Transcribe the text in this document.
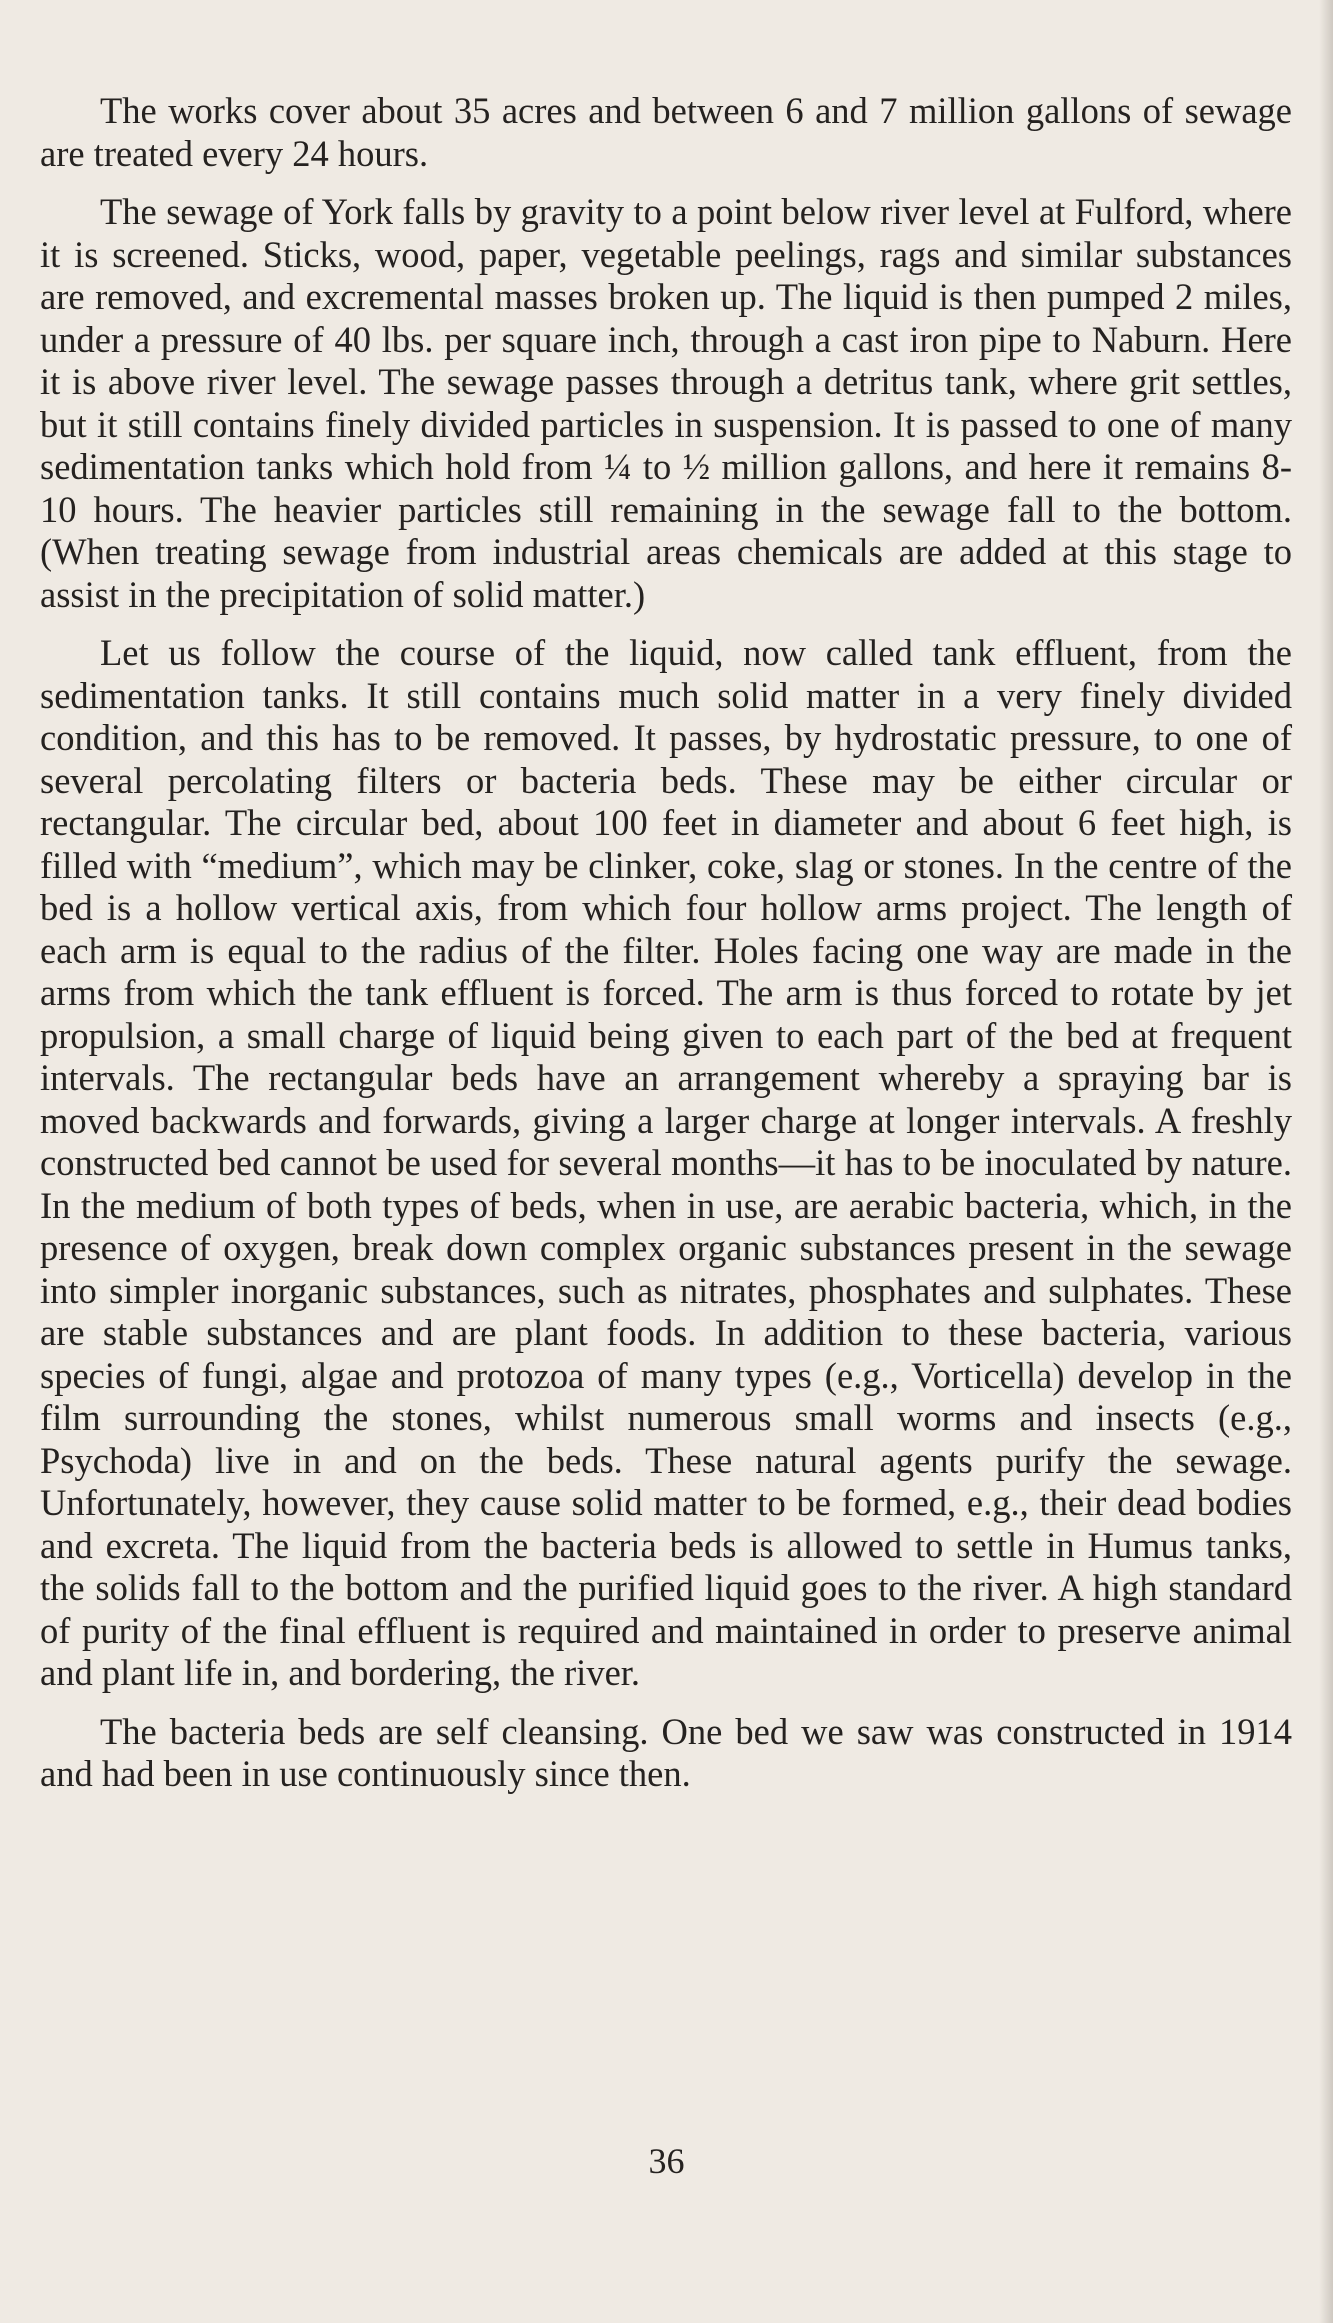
The works cover about 35 acres and between 6 and 7 million gallons of sewage are treated every 24 hours.

The sewage of York falls by gravity to a point below river level at Fulford, where it is screened. Sticks, wood, paper, vegetable peelings, rags and similar substances are removed, and excremental masses broken up. The liquid is then pumped 2 miles, under a pressure of 40 lbs. per square inch, through a cast iron pipe to Naburn. Here it is above river level. The sewage passes through a detritus tank, where grit settles, but it still contains finely divided particles in suspension. It is passed to one of many sedimentation tanks which hold from ¼ to ½ million gallons, and here it remains 8-10 hours. The heavier particles still remaining in the sewage fall to the bottom. (When treating sewage from industrial areas chemicals are added at this stage to assist in the precipitation of solid matter.)

Let us follow the course of the liquid, now called tank effluent, from the sedimentation tanks. It still contains much solid matter in a very finely divided condition, and this has to be removed. It passes, by hydrostatic pressure, to one of several percolating filters or bacteria beds. These may be either circular or rectangular. The circular bed, about 100 feet in diameter and about 6 feet high, is filled with “medium”, which may be clinker, coke, slag or stones. In the centre of the bed is a hollow vertical axis, from which four hollow arms project. The length of each arm is equal to the radius of the filter. Holes facing one way are made in the arms from which the tank effluent is forced. The arm is thus forced to rotate by jet propulsion, a small charge of liquid being given to each part of the bed at frequent intervals. The rectangular beds have an arrangement whereby a spraying bar is moved backwards and forwards, giving a larger charge at longer intervals. A freshly constructed bed cannot be used for several months—it has to be inoculated by nature. In the medium of both types of beds, when in use, are aerabic bacteria, which, in the presence of oxygen, break down complex organic substances present in the sewage into simpler inorganic substances, such as nitrates, phosphates and sulphates. These are stable substances and are plant foods. In addition to these bacteria, various species of fungi, algae and protozoa of many types (e.g., Vorticella) develop in the film surrounding the stones, whilst numerous small worms and insects (e.g., Psychoda) live in and on the beds. These natural agents purify the sewage. Unfortunately, however, they cause solid matter to be formed, e.g., their dead bodies and excreta. The liquid from the bacteria beds is allowed to settle in Humus tanks, the solids fall to the bottom and the purified liquid goes to the river. A high standard of purity of the final effluent is required and maintained in order to preserve animal and plant life in, and bordering, the river.

The bacteria beds are self cleansing. One bed we saw was constructed in 1914 and had been in use continuously since then.

36
